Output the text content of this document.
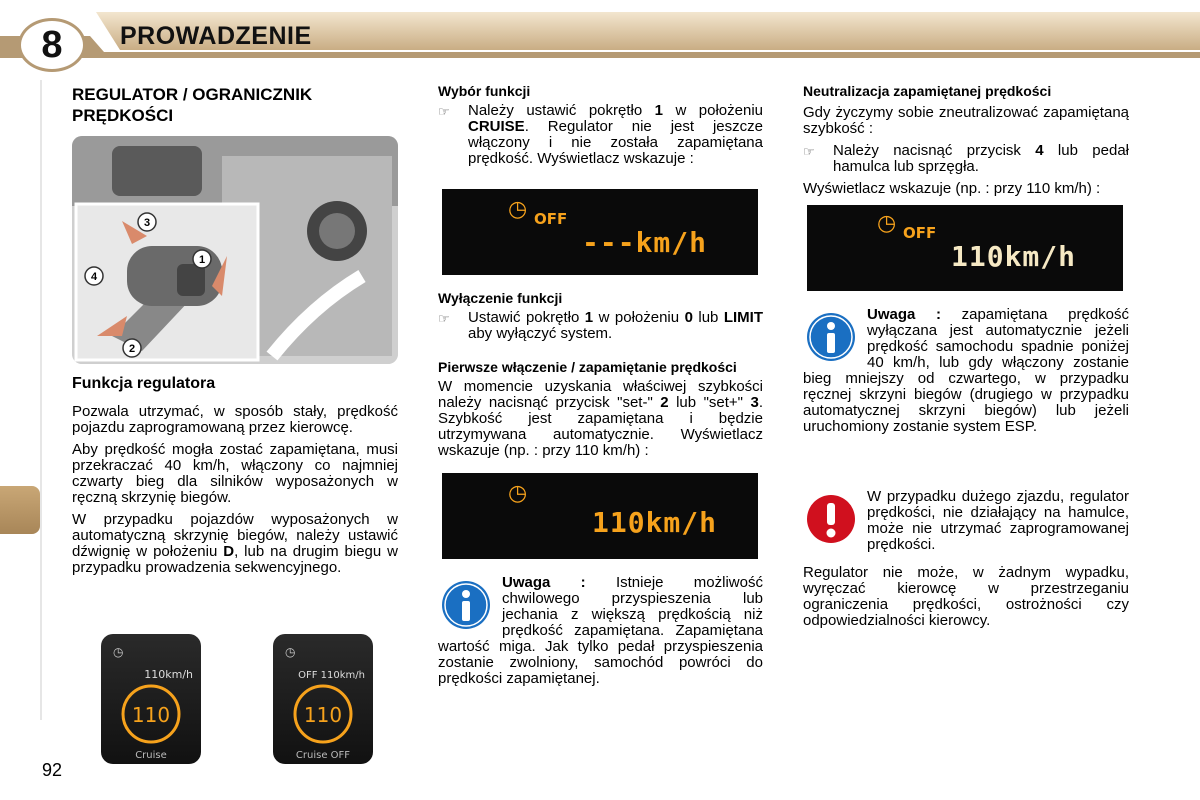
8	PROWADZENIE
REGULATOR / OGRANICZNIK
PRĘDKOŚCI
3
1
4
2
Funkcja regulatora

Pozwala utrzymać, w sposób stały, prędkość pojazdu zaprogramowaną przez kierowcę.

Aby prędkość mogła zostać zapamiętana, musi przekraczać 40 km/h, włączony co najmniej czwarty bieg dla silników wyposażonych w ręczną skrzynię biegów.

W przypadku pojazdów wyposażonych w automatyczną skrzynię biegów, należy ustawić dźwignię w położeniu D, lub na drugim biegu w przypadku prowadzenia sekwencyjnego.

◷
110km/h
110
Cruise
◷
OFF 110km/h
110
Cruise OFF
Wybór funkcji
☞	Należy ustawić pokrętło 1 w położeniu CRUISE. Regulator nie jest jeszcze włączony i nie została zapamiętana prędkość. Wyświetlacz wskazuje :
◷ OFF
---km/h
Wyłączenie funkcji
☞	Ustawić pokrętło 1 w położeniu 0 lub LIMIT aby wyłączyć system.
Pierwsze włączenie / zapamiętanie prędkości

W momencie uzyskania właściwej szybkości należy nacisnąć przycisk "set-" 2 lub "set+" 3. Szybkość jest zapamiętana i będzie utrzymywana automatycznie. Wyświetlacz wskazuje (np. : przy 110 km/h) :

◷
110km/h

Uwaga : Istnieje możliwość chwilowego przyspieszenia lub jechania z większą prędkością niż prędkość zapamiętana. Zapamiętana wartość miga. Jak tylko pedał przyspieszenia zostanie zwolniony, samochód powróci do prędkości zapamiętanej.

Neutralizacja zapamiętanej prędkości

Gdy życzymy sobie zneutralizować zapamiętaną szybkość :

☞	Należy nacisnąć przycisk 4 lub pedał hamulca lub sprzęgła.

Wyświetlacz wskazuje (np. : przy 110 km/h) :

◷ OFF
110km/h

Uwaga : zapamiętana prędkość wyłączana jest automatycznie jeżeli prędkość samochodu spadnie poniżej 40 km/h, lub gdy włączony zostanie bieg mniejszy od czwartego, w przypadku ręcznej skrzyni biegów (drugiego w przypadku automatycznej skrzyni biegów) lub jeżeli uruchomiony zostanie system ESP.

W przypadku dużego zjazdu, regulator prędkości, nie działający na hamulce, może nie utrzymać zaprogramowanej prędkości.

Regulator nie może, w żadnym wypadku, wyręczać kierowcę w przestrzeganiu ograniczenia prędkości, ostrożności czy odpowiedzialności kierowcy.

92
